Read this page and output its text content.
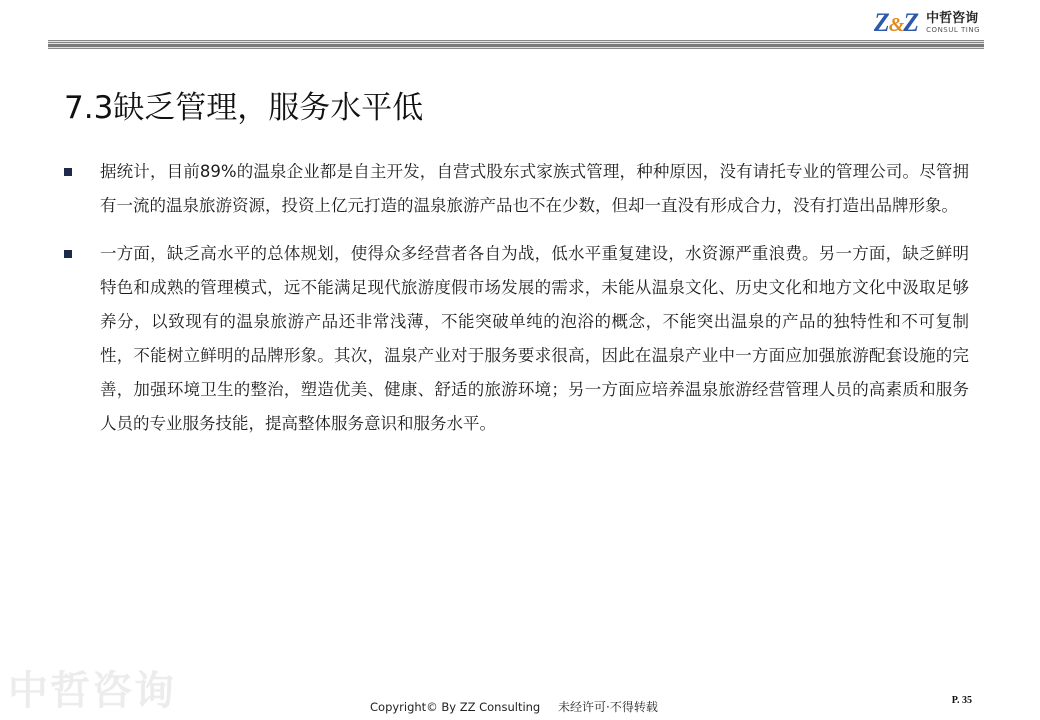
Z&Z 中哲咨询
CONSUL TING
7.3缺乏管理，服务水平低
据统计，目前89%的温泉企业都是自主开发，自营式股东式家族式管理，种种原因，没有请托专业的管理公司。尽管拥有一流的温泉旅游资源，投资上亿元打造的温泉旅游产品也不在少数，但却一直没有形成合力，没有打造出品牌形象。
一方面，缺乏高水平的总体规划，使得众多经营者各自为战，低水平重复建设，水资源严重浪费。另一方面，缺乏鲜明特色和成熟的管理模式，远不能满足现代旅游度假市场发展的需求，未能从温泉文化、历史文化和地方文化中汲取足够养分，以致现有的温泉旅游产品还非常浅薄，不能突破单纯的泡浴的概念，不能突出温泉的产品的独特性和不可复制性，不能树立鲜明的品牌形象。其次，温泉产业对于服务要求很高，因此在温泉产业中一方面应加强旅游配套设施的完善，加强环境卫生的整治，塑造优美、健康、舒适的旅游环境；另一方面应培养温泉旅游经营管理人员的高素质和服务人员的专业服务技能，提高整体服务意识和服务水平。
中哲咨询	Copyright© By ZZ Consulting 未经许可·不得转载	P. 35
